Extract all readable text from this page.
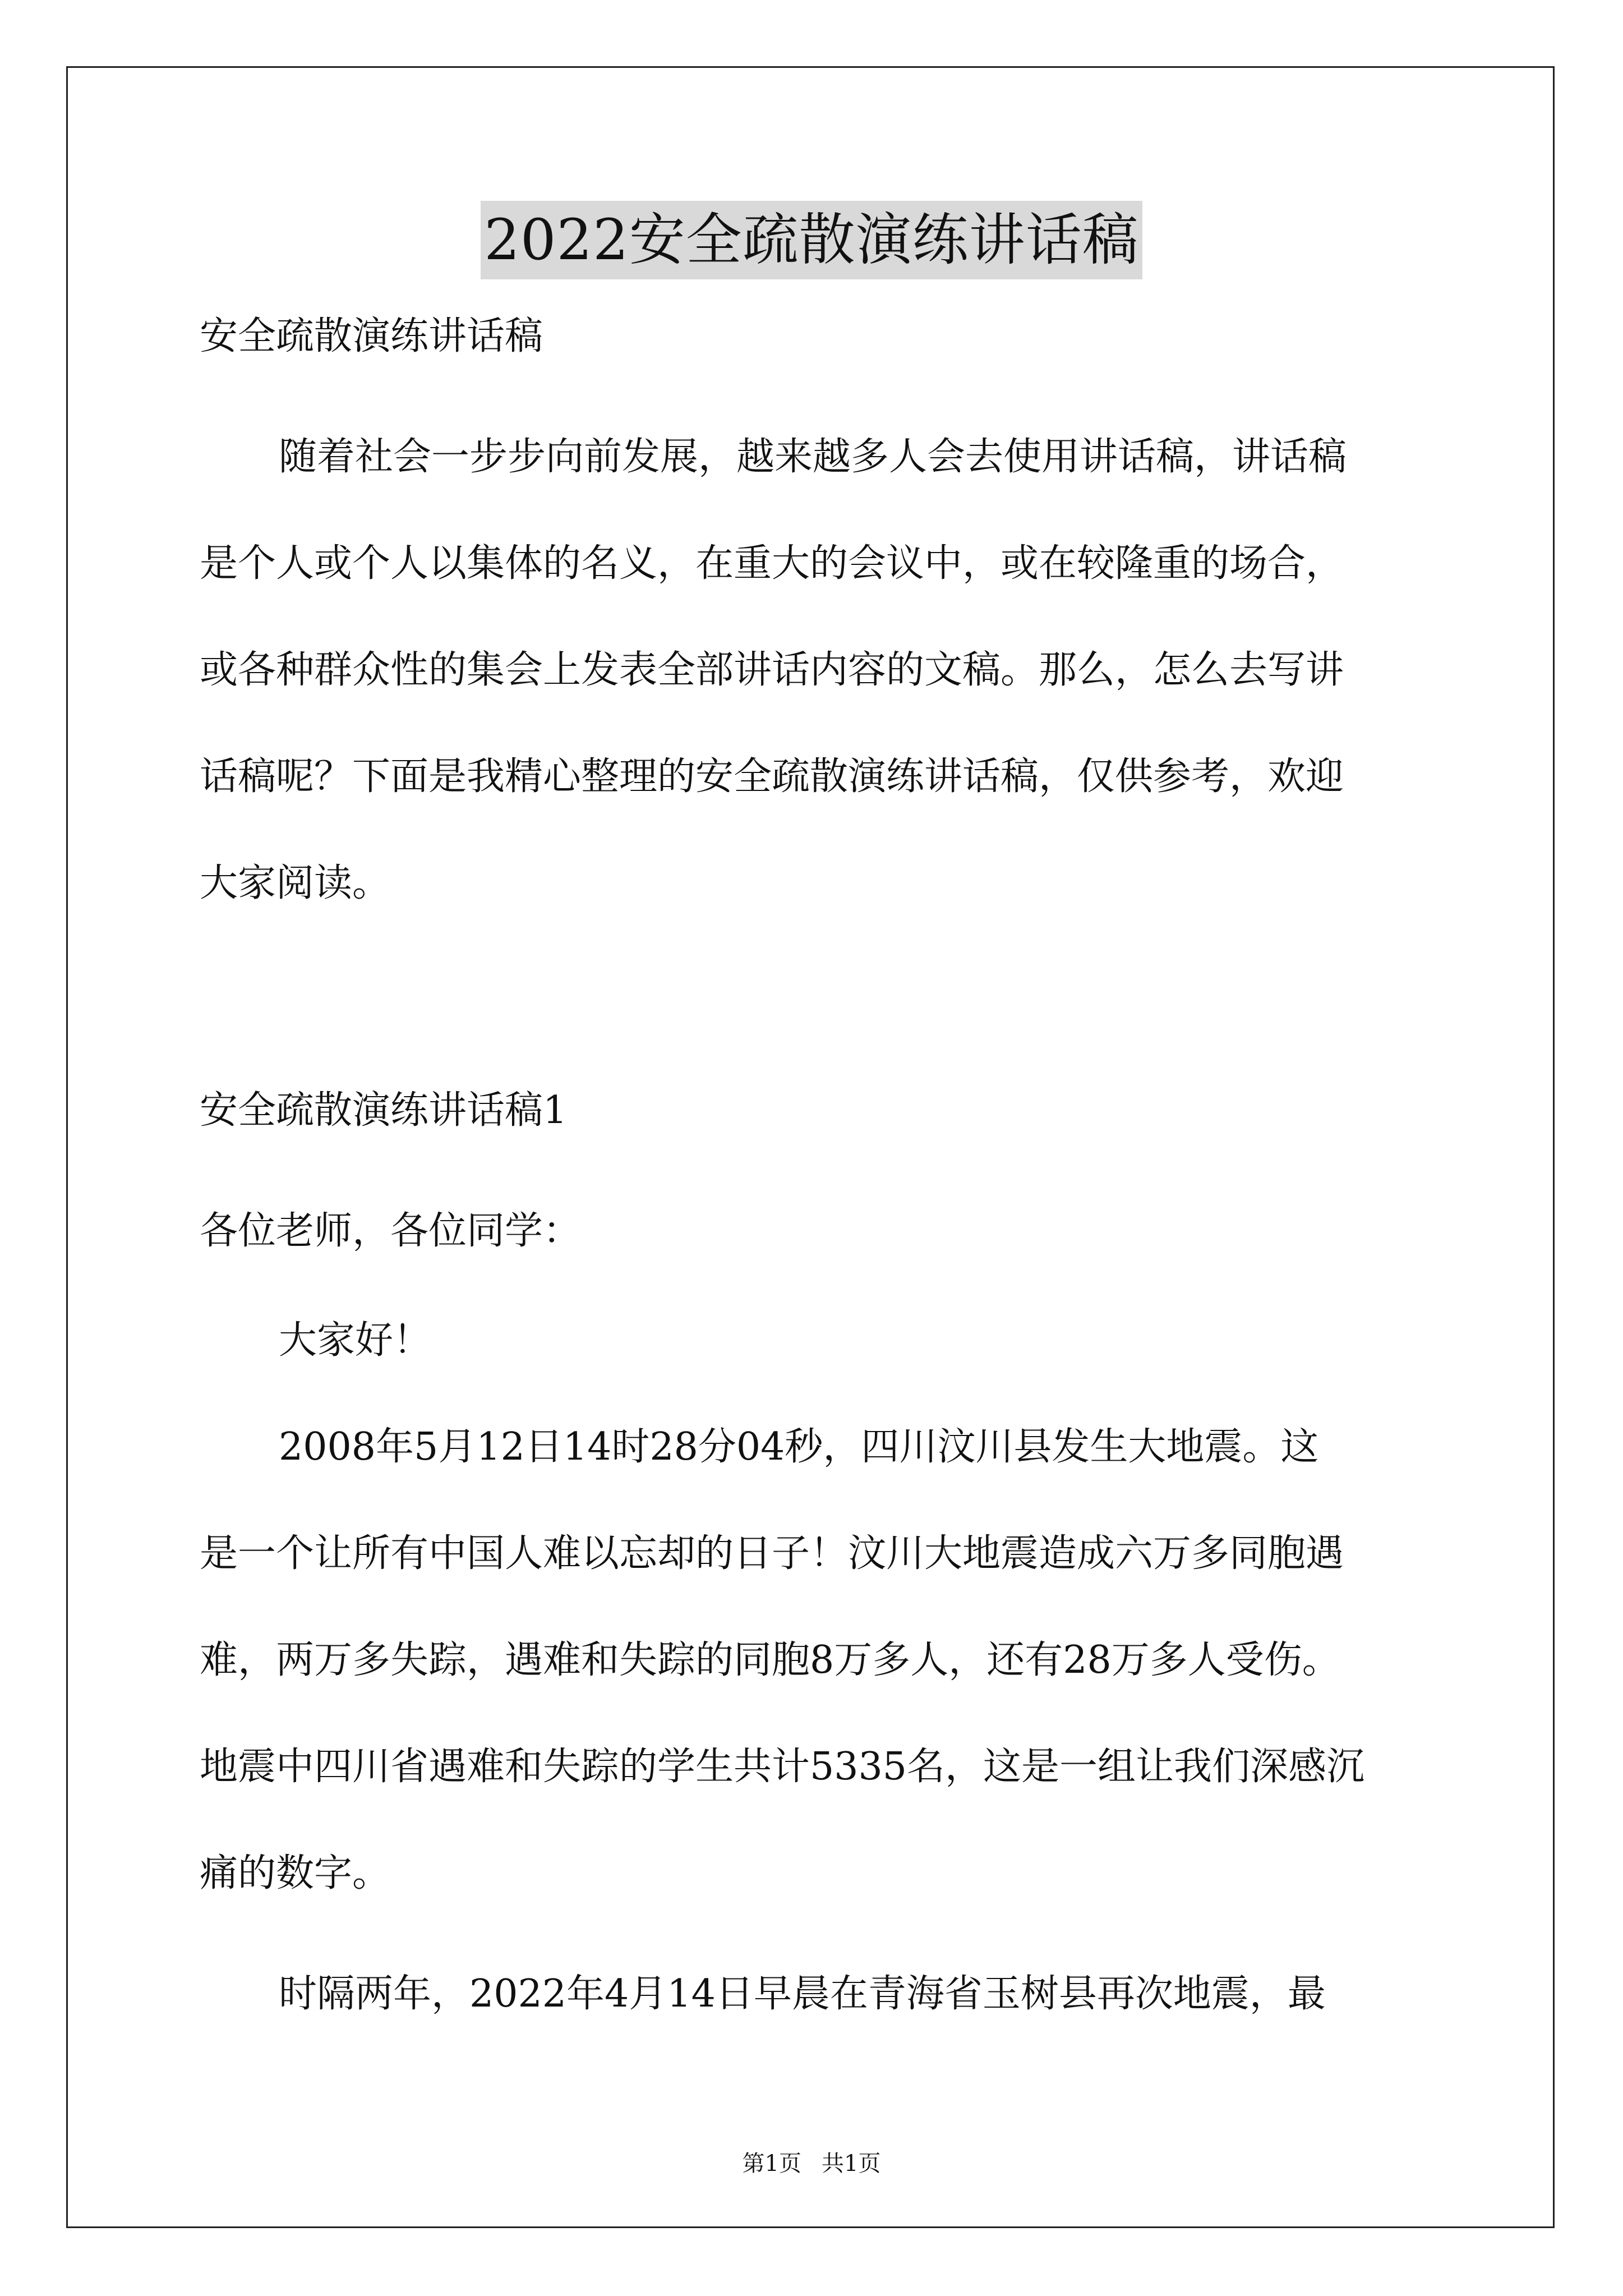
2022安全疏散演练讲话稿
安全疏散演练讲话稿
随着社会一步步向前发展，越来越多人会去使用讲话稿，讲话稿
是个人或个人以集体的名义，在重大的会议中，或在较隆重的场合，
或各种群众性的集会上发表全部讲话内容的文稿。那么，怎么去写讲
话稿呢？下面是我精心整理的安全疏散演练讲话稿，仅供参考，欢迎
大家阅读。
安全疏散演练讲话稿1
各位老师，各位同学：
大家好！
2008年5月12日14时28分04秒，四川汶川县发生大地震。这
是一个让所有中国人难以忘却的日子！汶川大地震造成六万多同胞遇
难，两万多失踪，遇难和失踪的同胞8万多人，还有28万多人受伤。
地震中四川省遇难和失踪的学生共计5335名，这是一组让我们深感沉
痛的数字。
时隔两年，2022年4月14日早晨在青海省玉树县再次地震，最
第1页 共1页
